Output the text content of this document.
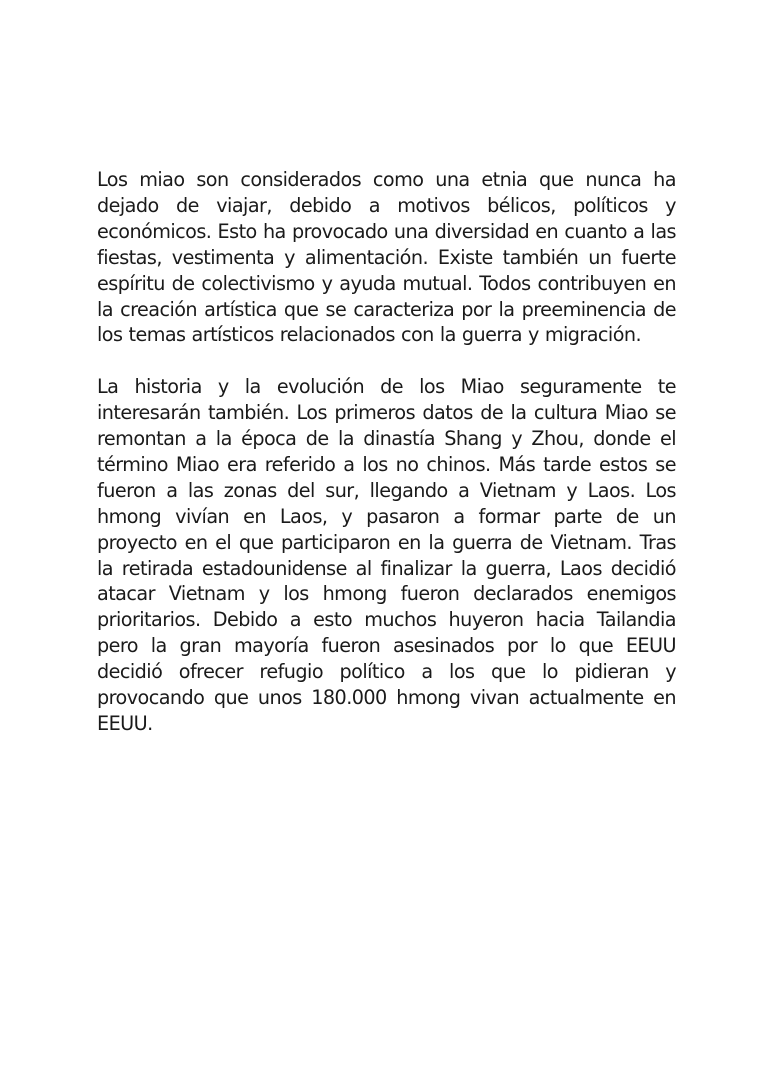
Los miao son considerados como una etnia que nunca ha dejado de viajar, debido a motivos bélicos, políticos y económicos. Esto ha provocado una diversidad en cuanto a las fiestas, vestimenta y alimentación. Existe también un fuerte espíritu de colectivismo y ayuda mutual. Todos contribuyen en la creación artística que se caracteriza por la preeminencia de los temas artísticos relacionados con la guerra y migración.

La historia y la evolución de los Miao seguramente te interesarán también. Los primeros datos de la cultura Miao se remontan a la época de la dinastía Shang y Zhou, donde el término Miao era referido a los no chinos. Más tarde estos se fueron a las zonas del sur, llegando a Vietnam y Laos. Los hmong vivían en Laos, y pasaron a formar parte de un proyecto en el que participaron en la guerra de Vietnam. Tras la retirada estadounidense al finalizar la guerra, Laos decidió atacar Vietnam y los hmong fueron declarados enemigos prioritarios. Debido a esto muchos huyeron hacia Tailandia pero la gran mayoría fueron asesinados por lo que EEUU decidió ofrecer refugio político a los que lo pidieran y provocando que unos 180.000 hmong vivan actualmente en EEUU.
